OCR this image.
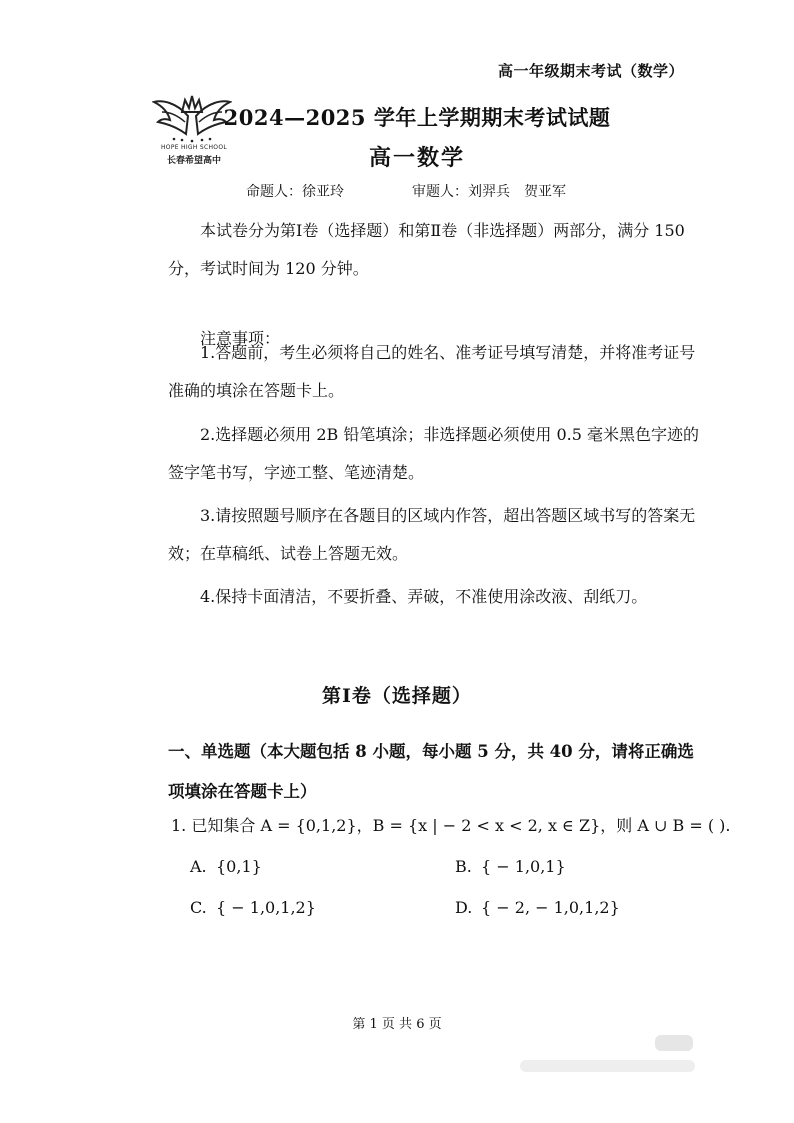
高一年级期末考试（数学）
HOPE HIGH SCHOOL
长春希望高中
2024—2025 学年上学期期末考试试题
高一数学
命题人：徐亚玲	审题人：刘羿兵　贺亚军
本试卷分为第Ⅰ卷（选择题）和第Ⅱ卷（非选择题）两部分，满分 150 分，考试时间为 120 分钟。
注意事项：
1.答题前，考生必须将自己的姓名、准考证号填写清楚，并将准考证号准确的填涂在答题卡上。
2.选择题必须用 2B 铅笔填涂；非选择题必须使用 0.5 毫米黑色字迹的签字笔书写，字迹工整、笔迹清楚。
3.请按照题号顺序在各题目的区域内作答，超出答题区域书写的答案无效；在草稿纸、试卷上答题无效。
4.保持卡面清洁，不要折叠、弄破，不准使用涂改液、刮纸刀。
第Ⅰ卷（选择题）
一、单选题（本大题包括 8 小题，每小题 5 分，共 40 分，请将正确选项填涂在答题卡上）
1. 已知集合 A = {0,1,2}，B = {x | − 2 < x < 2, x ∈ Z}，则 A ∪ B = ( ).
A. {0,1}	B. { − 1,0,1}
C. { − 1,0,1,2}	D. { − 2, − 1,0,1,2}
第 1 页 共 6 页
